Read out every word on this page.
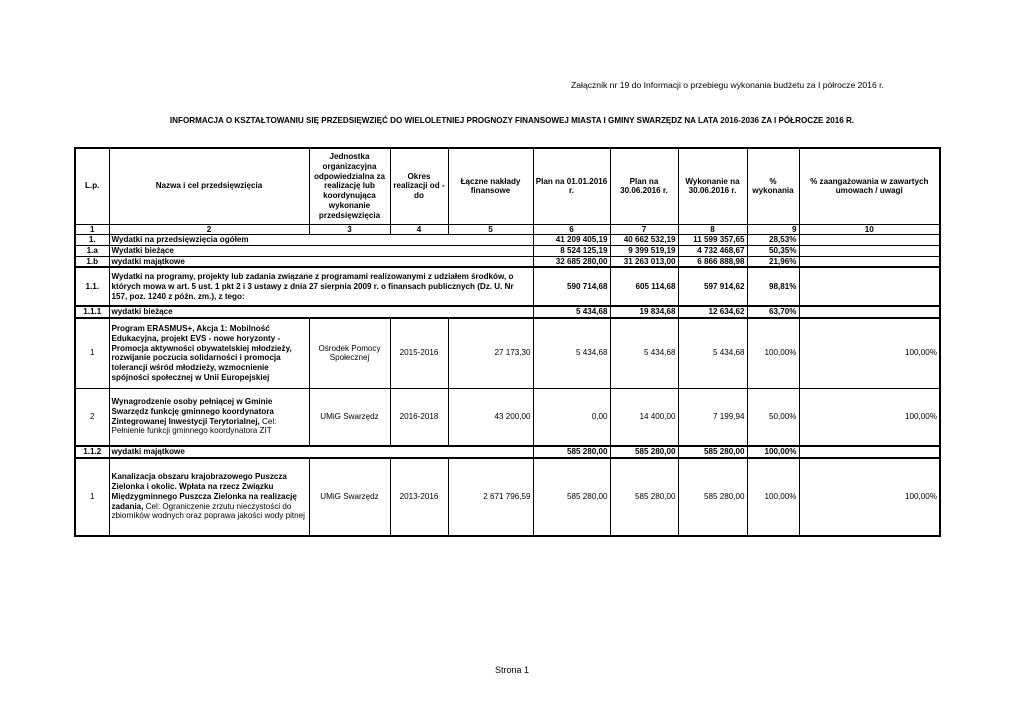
Załącznik nr 19 do Informacji o przebiegu wykonania budżetu za I półrocze 2016 r.
INFORMACJA O KSZTAŁTOWANIU SIĘ PRZEDSIĘWZIĘĆ DO WIELOLETNIEJ PROGNOZY FINANSOWEJ MIASTA I GMINY SWARZĘDZ NA LATA 2016-2036 ZA I PÓŁROCZE 2016 R.
L.p.	Nazwa i cel przedsięwzięcia	Jednostka organizacyjna odpowiedzialna za realizację lub koordynująca wykonanie przedsięwzięcia	Okres realizacji od - do	Łączne nakłady finansowe	Plan na 01.01.2016 r.	Plan na 30.06.2016 r.	Wykonanie na 30.06.2016 r.	% wykonania	% zaangażowania w zawartych umowach / uwagi
1	2	3	4	5	6	7	8	9	10
1.	Wydatki na przedsięwzięcia ogółem				41 209 405,19	40 662 532,19	11 599 357,65	28,53%	
1.a	Wydatki bieżące				8 524 125,19	9 399 519,19	4 732 468,67	50,35%	
1.b	wydatki majątkowe				32 685 280,00	31 263 013,00	6 866 888,98	21,96%	
1.1.	Wydatki na programy, projekty lub zadania związane z programami realizowanymi z udziałem środków, o których mowa w art. 5 ust. 1 pkt 2 i 3 ustawy z dnia 27 sierpnia 2009 r. o finansach publicznych (Dz. U. Nr 157, poz. 1240 z późn. zm.), z tego:				590 714,68	605 114,68	597 914,62	98,81%	
1.1.1	wydatki bieżące				5 434,68	19 834,68	12 634,62	63,70%	
1	Program ERASMUS+, Akcja 1: Mobilność Edukacyjna, projekt EVS - nowe horyzonty - Promocja aktywności obywatelskiej młodzieży, rozwijanie poczucia solidarności i promocja tolerancji wśród młodzieży, wzmocnienie spójności społecznej w Unii Europejskiej	Ośrodek Pomocy Społecznej	2015-2016	27 173,30	5 434,68	5 434,68	5 434,68	100,00%	100,00%
2	Wynagrodzenie osoby pełniącej w Gminie Swarzędz funkcję gminnego koordynatora Zintegrowanej Inwestycji Terytorialnej, Cel: Pełnienie funkcji gminnego koordynatora ZIT	UMiG Swarzędz	2016-2018	43 200,00	0,00	14 400,00	7 199,94	50,00%	100,00%
1.1.2	wydatki majątkowe				585 280,00	585 280,00	585 280,00	100,00%	
1	Kanalizacja obszaru krajobrazowego Puszcza Zielonka i okolic. Wpłata na rzecz Związku Międzygminnego Puszcza Zielonka na realizację zadania, Cel: Ograniczenie zrzutu nieczystości do zbiorników wodnych oraz poprawa jakości wody pitnej	UMiG Swarzędz	2013-2016	2 671 796,59	585 280,00	585 280,00	585 280,00	100,00%	100,00%
Strona 1
